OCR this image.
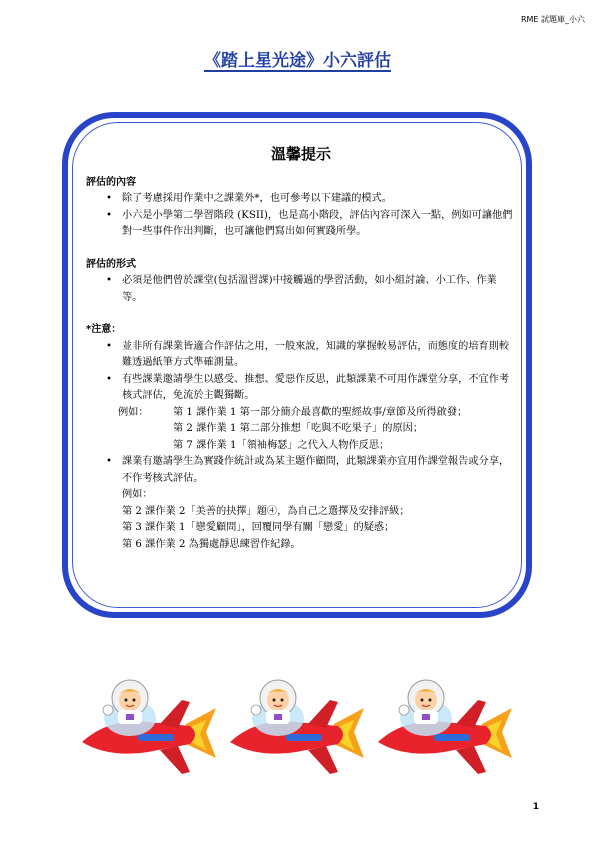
RME 試題庫_小六
《踏上星光途》小六評估
溫馨提示
評估的內容
• 除了考慮採用作業中之課業外*，也可參考以下建議的模式。
• 小六是小學第二學習階段 (KSII)，也是高小階段，評估內容可深入一點，例如可讓他們對一些事件作出判斷，也可讓他們寫出如何實踐所學。
評估的形式
• 必須是他們曾於課堂(包括溫習課)中接觸過的學習活動，如小組討論、小工作、作業等。
*注意：
• 並非所有課業皆適合作評估之用，一般來說，知識的掌握較易評估，而態度的培育則較難透過紙筆方式準確測量。
• 有些課業邀請學生以感受、推想、愛惡作反思，此類課業不可用作課堂分享，不宜作考核式評估，免流於主觀獨斷。
例如：	第 1 課作業 1 第一部分簡介最喜歡的聖經故事/章節及所得啟發；
第 2 課作業 1 第二部分推想「吃與不吃果子」的原因；
第 7 課作業 1「領袖梅瑟」之代入人物作反思；
• 課業有邀請學生為實踐作統計或為某主題作顧問，此類課業亦宜用作課堂報告或分享，不作考核式評估。
例如：
第 2 課作業 2「美善的抉擇」題④，為自己之選擇及安排評級；
第 3 課作業 1「戀愛顧問」，回覆同學有關「戀愛」的疑惑；
第 6 課作業 2 為獨處靜思練習作紀錄。
1
